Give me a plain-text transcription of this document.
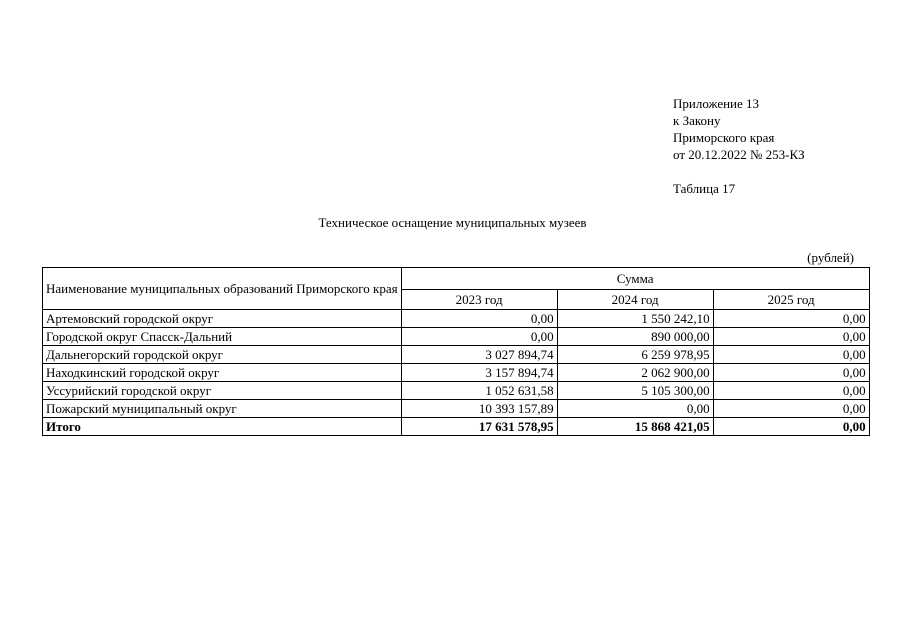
Приложение 13
к Закону
Приморского края
от 20.12.2022 № 253-КЗ
Таблица 17
Техническое оснащение муниципальных музеев
(рублей)
Наименование муниципальных образований Приморского края	Сумма		
	2023 год	2024 год	2025 год
Артемовский городской округ	0,00	1 550 242,10	0,00
Городской округ Спасск-Дальний	0,00	890 000,00	0,00
Дальнегорский городской округ	3 027 894,74	6 259 978,95	0,00
Находкинский городской округ	3 157 894,74	2 062 900,00	0,00
Уссурийский городской округ	1 052 631,58	5 105 300,00	0,00
Пожарский муниципальный округ	10 393 157,89	0,00	0,00
Итого	17 631 578,95	15 868 421,05	0,00
